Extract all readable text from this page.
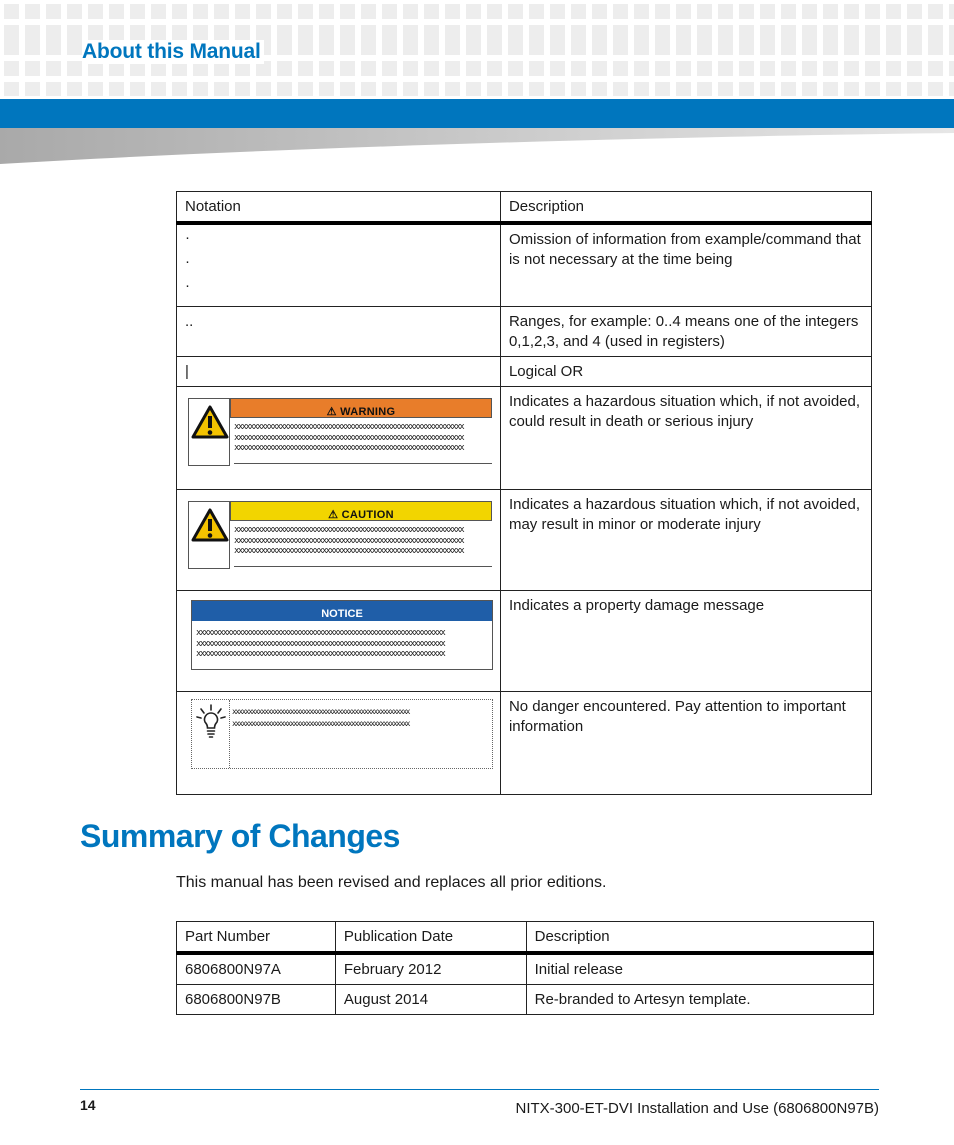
About this Manual
Notation	Description

·
·
·	Omission of information from example/command that is not necessary at the time being
..	Ranges, for example: 0..4 means one of the integers 0,1,2,3, and 4 (used in registers)
|	Logical OR

⚠ WARNING
xxxxxxxxxxxxxxxxxxxxxxxxxxxxxxxxxxxxxxxxxxxxxxxxxxxxxxxxxxxx
xxxxxxxxxxxxxxxxxxxxxxxxxxxxxxxxxxxxxxxxxxxxxxxxxxxxxxxxxxxx
xxxxxxxxxxxxxxxxxxxxxxxxxxxxxxxxxxxxxxxxxxxxxxxxxxxxxxxxxxxx	Indicates a hazardous situation which, if not avoided, could result in death or serious injury

⚠ CAUTION
xxxxxxxxxxxxxxxxxxxxxxxxxxxxxxxxxxxxxxxxxxxxxxxxxxxxxxxxxxxx
xxxxxxxxxxxxxxxxxxxxxxxxxxxxxxxxxxxxxxxxxxxxxxxxxxxxxxxxxxxx
xxxxxxxxxxxxxxxxxxxxxxxxxxxxxxxxxxxxxxxxxxxxxxxxxxxxxxxxxxxx	Indicates a hazardous situation which, if not avoided, may result in minor or moderate injury

NOTICE
xxxxxxxxxxxxxxxxxxxxxxxxxxxxxxxxxxxxxxxxxxxxxxxxxxxxxxxxxxxxxxxxx
xxxxxxxxxxxxxxxxxxxxxxxxxxxxxxxxxxxxxxxxxxxxxxxxxxxxxxxxxxxxxxxxx
xxxxxxxxxxxxxxxxxxxxxxxxxxxxxxxxxxxxxxxxxxxxxxxxxxxxxxxxxxxxxxxxx	Indicates a property damage message

xxxxxxxxxxxxxxxxxxxxxxxxxxxxxxxxxxxxxxxxxxxxxxxxxxxxxxx
xxxxxxxxxxxxxxxxxxxxxxxxxxxxxxxxxxxxxxxxxxxxxxxxxxxxxxx	No danger encountered. Pay attention to important information
Summary of Changes
This manual has been revised and replaces all prior editions.
Part Number	Publication Date	Description
6806800N97A	February 2012	Initial release
6806800N97B	August 2014	Re-branded to Artesyn template.
14	NITX-300-ET-DVI Installation and Use (6806800N97B)
